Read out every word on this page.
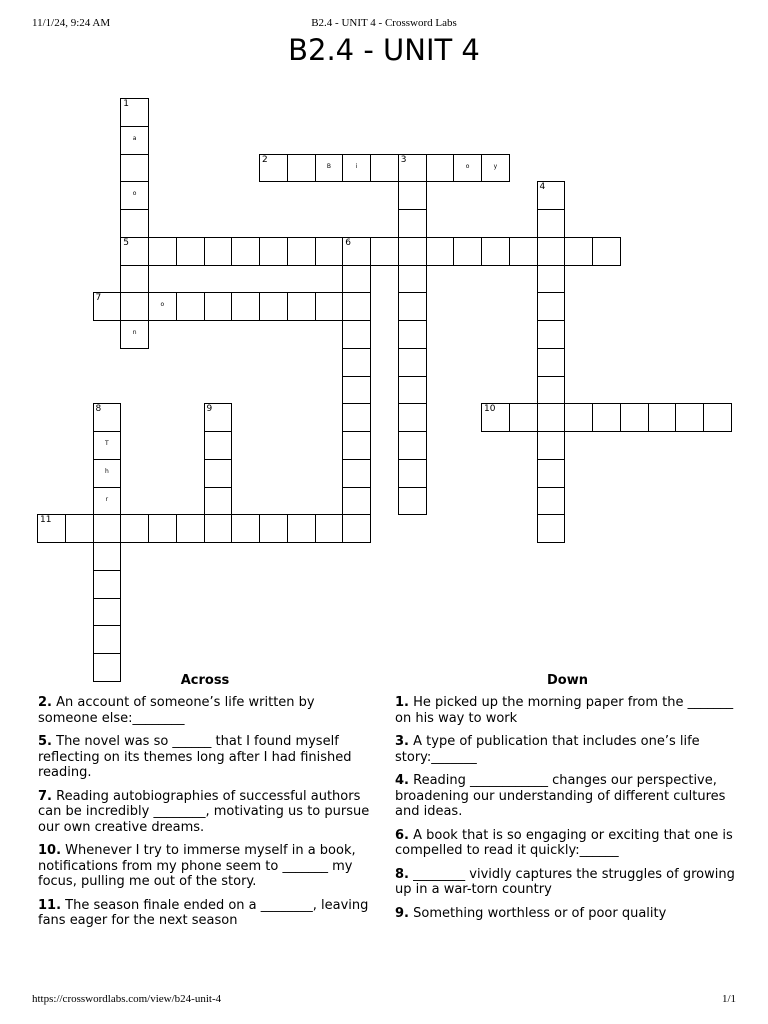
11/1/24, 9:24 AM	B2.4 - UNIT 4 - Crossword Labs
B2.4 - UNIT 4
1
a
o
5
n
2
B	i
3
o	y
4
6
7
o
8
T
h
r
9	10
11
Across
2. An account of someone’s life written by someone else:________
5. The novel was so ______ that I found myself reflecting on its themes long after I had finished reading.
7. Reading autobiographies of successful authors can be incredibly ________, motivating us to pursue our own creative dreams.
10. Whenever I try to immerse myself in a book, notifications from my phone seem to _______ my focus, pulling me out of the story.
11. The season finale ended on a ________, leaving fans eager for the next season
Down
1. He picked up the morning paper from the _______ on his way to work
3. A type of publication that includes one’s life story:_______
4. Reading ____________ changes our perspective, broadening our understanding of different cultures and ideas.
6. A book that is so engaging or exciting that one is compelled to read it quickly:______
8. ________ vividly captures the struggles of growing up in a war-torn country
9. Something worthless or of poor quality
https://crosswordlabs.com/view/b24-unit-4	1/1
